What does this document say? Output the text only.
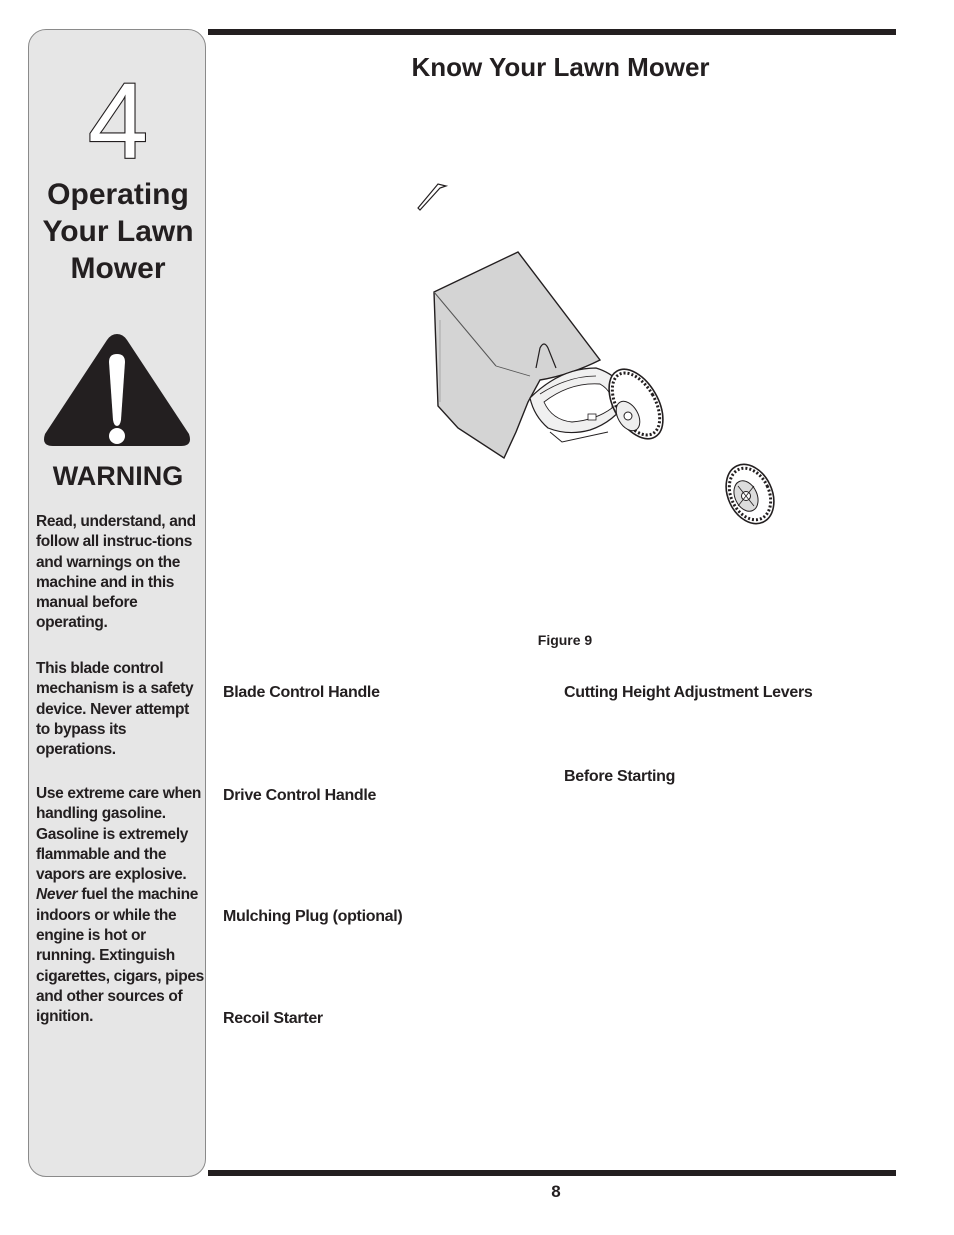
4
Operating
Your Lawn
Mower
WARNING

Read, understand, and follow all instruc-tions and warnings on the machine and in this manual before operating.

This blade control mechanism is a safety device. Never attempt to bypass its operations.

Use extreme care when handling gasoline. Gasoline is extremely flammable and the vapors are explosive. Never fuel the machine indoors or while the engine is hot or running. Extinguish cigarettes, cigars, pipes and other sources of ignition.

Know Your Lawn Mower
Figure 9

Blade Control Handle

Drive Control Handle

Mulching Plug (optional)

Recoil Starter

Cutting Height Adjustment Levers

Before Starting

8
